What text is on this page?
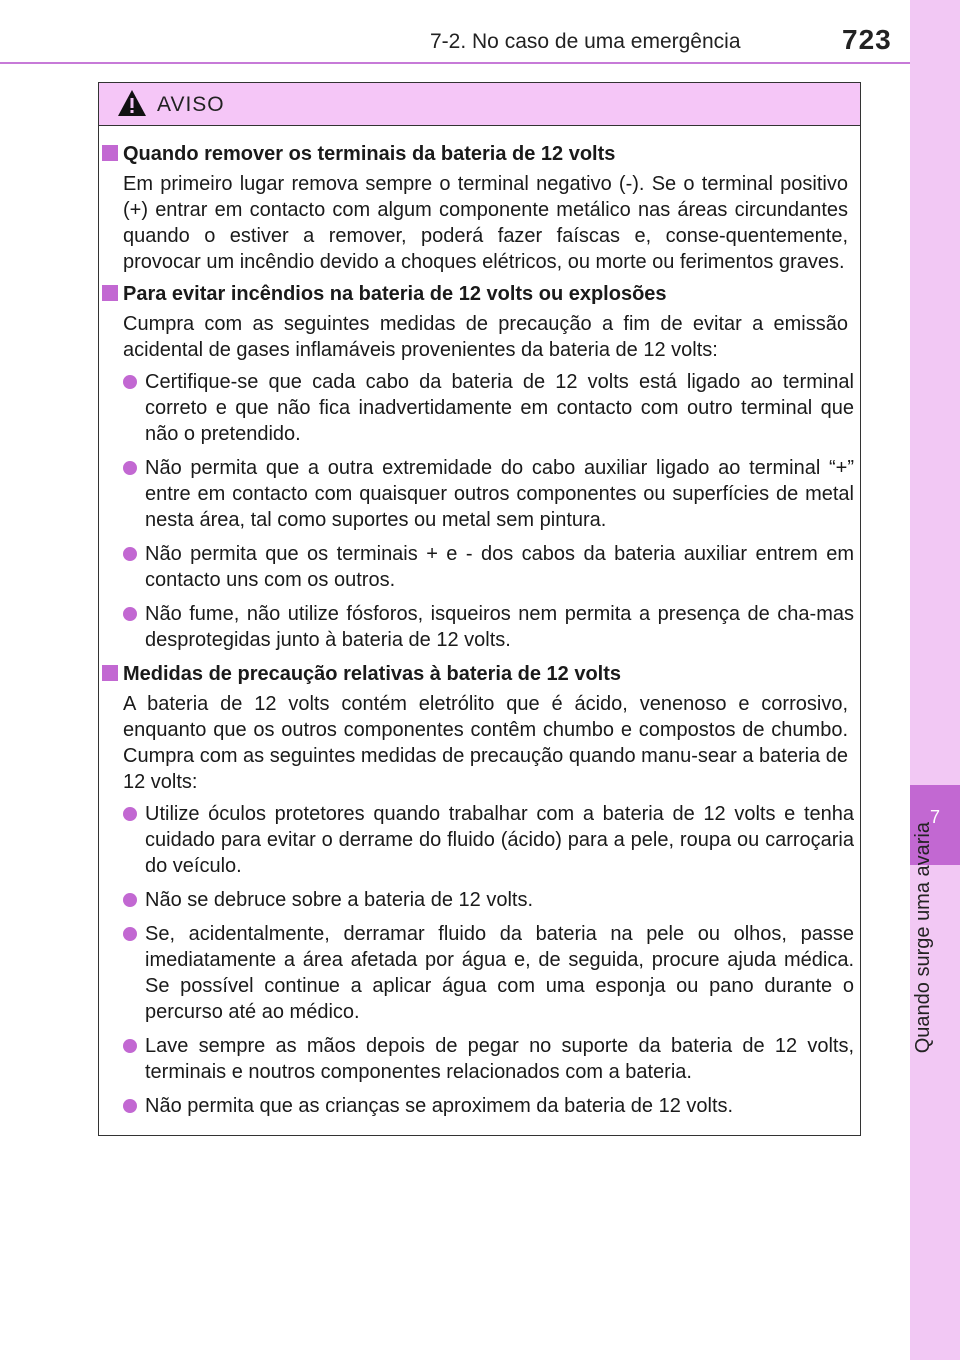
7-2. No caso de uma emergência	723
7
Quando surge uma avaria
AVISO
Quando remover os terminais da bateria de 12 volts
Em primeiro lugar remova sempre o terminal negativo (-). Se o terminal positivo (+) entrar em contacto com algum componente metálico nas áreas circundantes quando o estiver a remover, poderá fazer faíscas e, conse-quentemente, provocar um incêndio devido a choques elétricos, ou morte ou ferimentos graves.
Para evitar incêndios na bateria de 12 volts ou explosões
Cumpra com as seguintes medidas de precaução a fim de evitar a emissão acidental de gases inflamáveis provenientes da bateria de 12 volts:
Certifique-se que cada cabo da bateria de 12 volts está ligado ao terminal correto e que não fica inadvertidamente em contacto com outro terminal que não o pretendido.
Não permita que a outra extremidade do cabo auxiliar ligado ao terminal “+” entre em contacto com quaisquer outros componentes ou superfícies de metal nesta área, tal como suportes ou metal sem pintura.
Não permita que os terminais + e - dos cabos da bateria auxiliar entrem em contacto uns com os outros.
Não fume, não utilize fósforos, isqueiros nem permita a presença de cha-mas desprotegidas junto à bateria de 12 volts.
Medidas de precaução relativas à bateria de 12 volts
A bateria de 12 volts contém eletrólito que é ácido, venenoso e corrosivo, enquanto que os outros componentes contêm chumbo e compostos de chumbo. Cumpra com as seguintes medidas de precaução quando manu-sear a bateria de 12 volts:
Utilize óculos protetores quando trabalhar com a bateria de 12 volts e tenha cuidado para evitar o derrame do fluido (ácido) para a pele, roupa ou carroçaria do veículo.
Não se debruce sobre a bateria de 12 volts.
Se, acidentalmente, derramar fluido da bateria na pele ou olhos, passe imediatamente a área afetada por água e, de seguida, procure ajuda médica. Se possível continue a aplicar água com uma esponja ou pano durante o percurso até ao médico.
Lave sempre as mãos depois de pegar no suporte da bateria de 12 volts, terminais e noutros componentes relacionados com a bateria.
Não permita que as crianças se aproximem da bateria de 12 volts.
